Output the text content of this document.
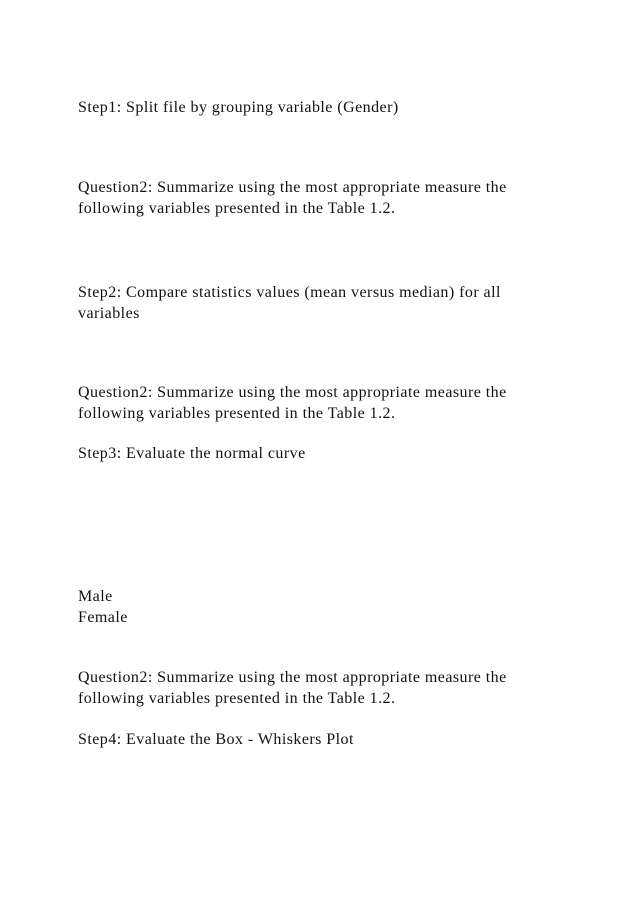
Step1: Split file by grouping variable (Gender)

Question2: Summarize using the most appropriate measure the

following variables presented in the Table 1.2.

Step2: Compare statistics values (mean versus median) for all

variables

Question2: Summarize using the most appropriate measure the

following variables presented in the Table 1.2.

Step3: Evaluate the normal curve

Male

Female

Question2: Summarize using the most appropriate measure the

following variables presented in the Table 1.2.

Step4: Evaluate the Box - Whiskers Plot
